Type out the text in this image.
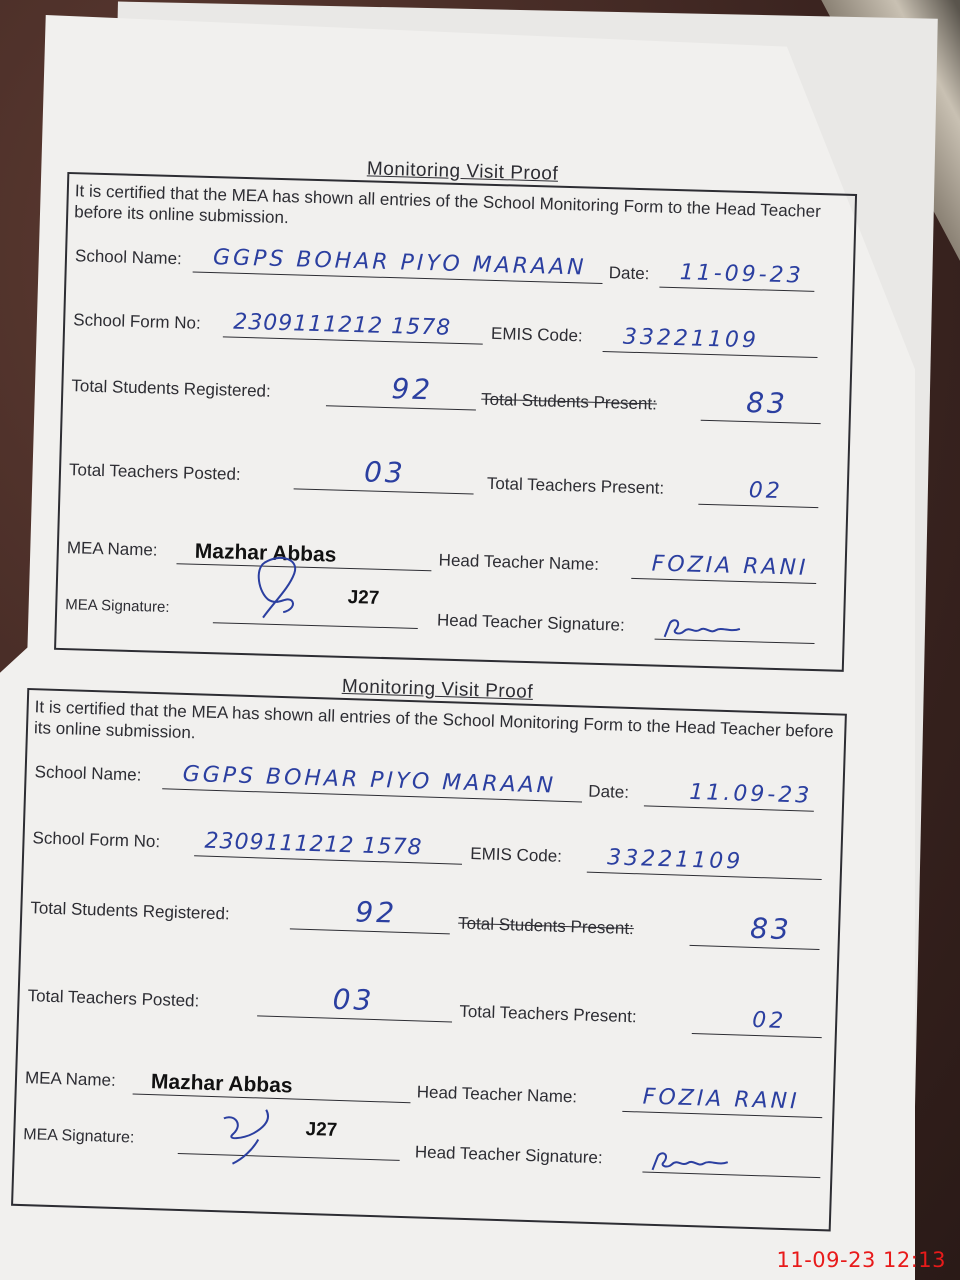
Monitoring Visit Proof
It is certified that the MEA has shown all entries of the School Monitoring Form to the Head Teacher before its online submission.
School Name: GGPS BOHAR PIYO MARAAN Date: 11-09-23
School Form No: 2309111212 1578 EMIS Code: 33221109
Total Students Registered:	92	Total Students Present:	83
Total Teachers Posted:	03	Total Teachers Present:	02
MEA Name: Mazhar Abbas	Head Teacher Name: FOZIA RANI
J27
MEA Signature:
Head Teacher Signature:
Monitoring Visit Proof
It is certified that the MEA has shown all entries of the School Monitoring Form to the Head Teacher before its online submission.
School Name: GGPS BOHAR PIYO MARAAN Date:	11.09-23
School Form No: 2309111212 1578	EMIS Code: 33221109
Total Students Registered:	92	Total Students Present:	83
Total Teachers Posted:	03	Total Teachers Present:	02
MEA Name: Mazhar Abbas	Head Teacher Name:	FOZIA RANI
J27
MEA Signature:
Head Teacher Signature:
11-09-23 12:13
